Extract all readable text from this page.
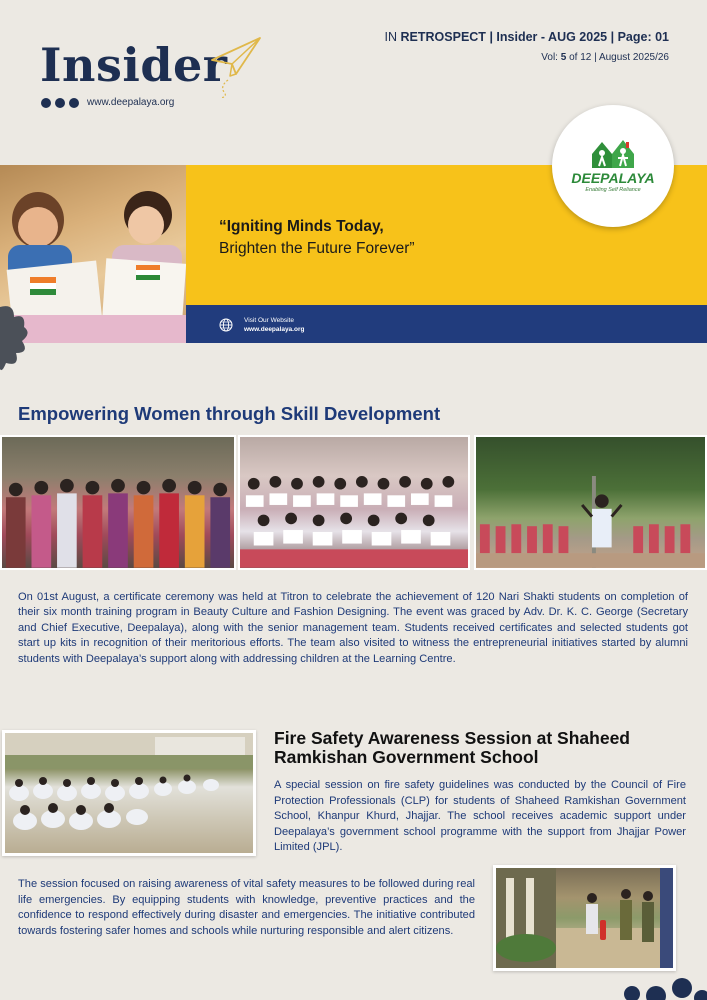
Insider
www.deepalaya.org
IN RETROSPECT | Insider - AUG 2025 | Page: 01
Vol: 5 of 12 | August 2025/26
“Igniting Minds Today,
Brighten the Future Forever”
Visit Our Website
www.deepalaya.org
DEEPALAYA
Enabling Self Reliance
Empowering Women through Skill Development

On 01st August, a certificate ceremony was held at Titron to celebrate the achievement of 120 Nari Shakti students on completion of their six month training program in Beauty Culture and Fashion Designing. The event was graced by Adv. Dr. K. C. George (Secretary and Chief Executive, Deepalaya), along with the senior management team. Students received certificates and selected students got start up kits in recognition of their meritorious efforts. The team also visited to witness the entrepreneurial initiatives started by alumni students with Deepalaya’s support along with addressing children at the Learning Centre.

Fire Safety Awareness Session at Shaheed Ramkishan Government School

A special session on fire safety guidelines was conducted by the Council of Fire Protection Professionals (CLP) for students of Shaheed Ramkishan Government School, Khanpur Khurd, Jhajjar. The school receives academic support under Deepalaya’s government school programme with the support from Jhajjar Power Limited (JPL).

The session focused on raising awareness of vital safety measures to be followed during real life emergencies. By equipping students with knowledge, preventive practices and the confidence to respond effectively during disaster and emergencies. The initiative contributed towards fostering safer homes and schools while nurturing responsible and alert citizens.
